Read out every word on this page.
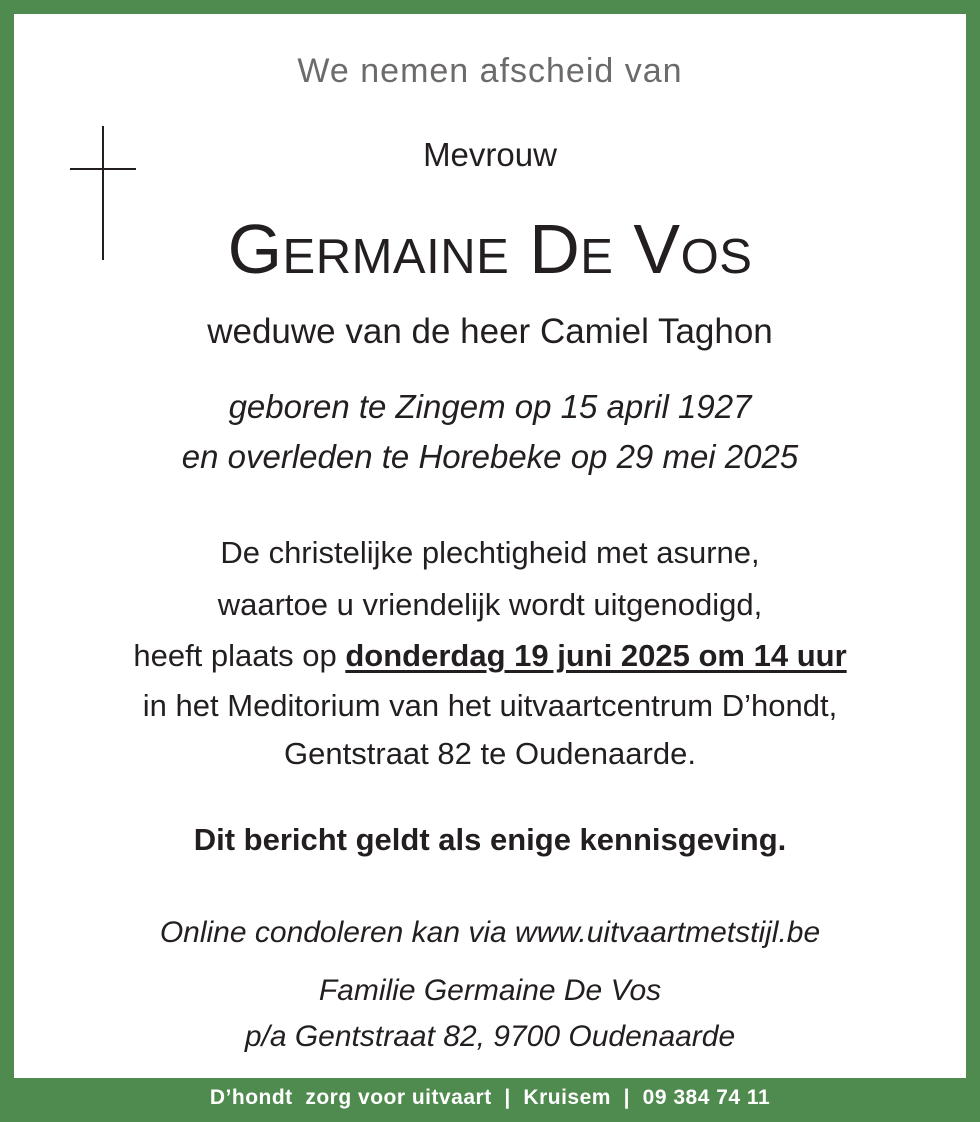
We nemen afscheid van

Mevrouw

Germaine De Vos

weduwe van de heer Camiel Taghon

geboren te Zingem op 15 april 1927

en overleden te Horebeke op 29 mei 2025

De christelijke plechtigheid met asurne,

waartoe u vriendelijk wordt uitgenodigd,

heeft plaats op donderdag 19 juni 2025 om 14 uur

in het Meditorium van het uitvaartcentrum D’hondt,

Gentstraat 82 te Oudenaarde.

Dit bericht geldt als enige kennisgeving.

Online condoleren kan via www.uitvaartmetstijl.be

Familie Germaine De Vos

p/a Gentstraat 82, 9700 Oudenaarde

D’hondt  zorg voor uitvaart  |  Kruisem  |  09 384 74 11
